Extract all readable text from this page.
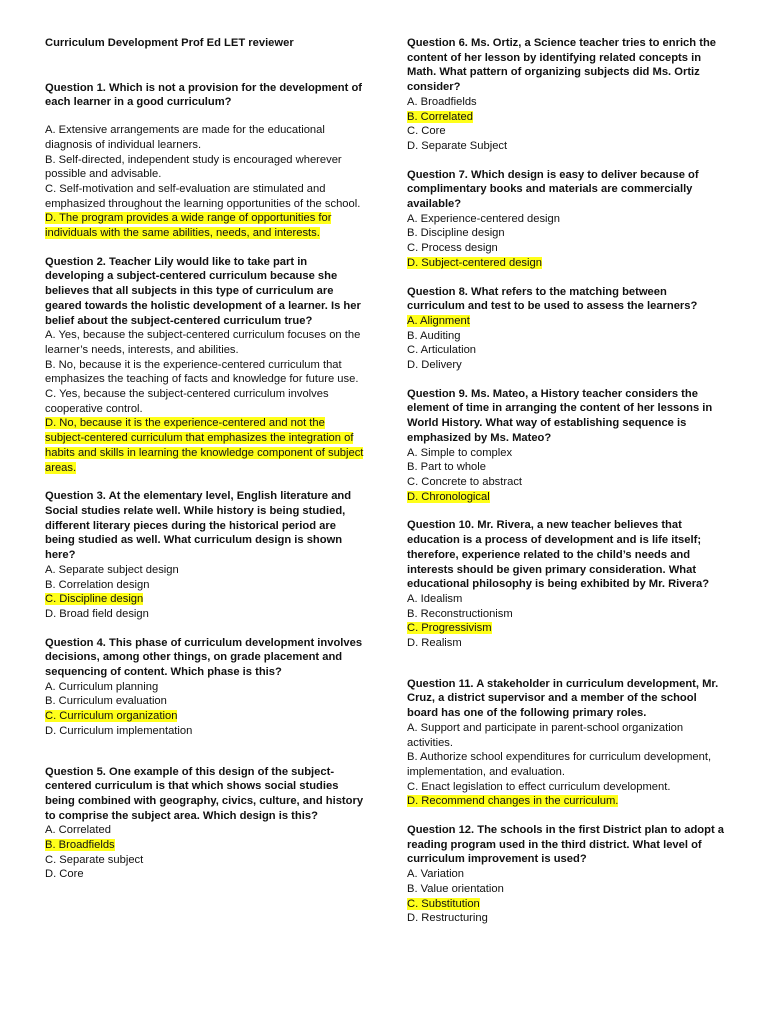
Curriculum Development Prof Ed LET reviewer

Question 1. Which is not a provision for the development of each learner in a good curriculum?

A. Extensive arrangements are made for the educational diagnosis of individual learners.
B. Self-directed, independent study is encouraged wherever possible and advisable.
C. Self-motivation and self-evaluation are stimulated and emphasized throughout the learning opportunities of the school.
D. The program provides a wide range of opportunities for individuals with the same abilities, needs, and interests.

Question 2. Teacher Lily would like to take part in developing a subject-centered curriculum because she believes that all subjects in this type of curriculum are geared towards the holistic development of a learner. Is her belief about the subject-centered curriculum true?

A. Yes, because the subject-centered curriculum focuses on the learner’s needs, interests, and abilities.
B. No, because it is the experience-centered curriculum that emphasizes the teaching of facts and knowledge for future use.
C. Yes, because the subject-centered curriculum involves cooperative control.
D. No, because it is the experience-centered and not the subject-centered curriculum that emphasizes the integration of habits and skills in learning the knowledge component of subject areas.

Question 3. At the elementary level, English literature and Social studies relate well. While history is being studied, different literary pieces during the historical period are being studied as well. What curriculum design is shown here?

A. Separate subject design
B. Correlation design
C. Discipline design
D. Broad field design

Question 4. This phase of curriculum development involves decisions, among other things, on grade placement and sequencing of content. Which phase is this?

A. Curriculum planning
B. Curriculum evaluation
C. Curriculum organization
D. Curriculum implementation

Question 5. One example of this design of the subject-centered curriculum is that which shows social studies being combined with geography, civics, culture, and history to comprise the subject area. Which design is this?

A. Correlated
B. Broadfields
C. Separate subject
D. Core

Question 6. Ms. Ortiz, a Science teacher tries to enrich the content of her lesson by identifying related concepts in Math. What pattern of organizing subjects did Ms. Ortiz consider?

A. Broadfields
B. Correlated
C. Core
D. Separate Subject

Question 7. Which design is easy to deliver because of complimentary books and materials are commercially available?

A. Experience-centered design
B. Discipline design
C. Process design
D. Subject-centered design

Question 8. What refers to the matching between curriculum and test to be used to assess the learners?

A. Alignment
B. Auditing
C. Articulation
D. Delivery

Question 9. Ms. Mateo, a History teacher considers the element of time in arranging the content of her lessons in World History. What way of establishing sequence is emphasized by Ms. Mateo?

A. Simple to complex
B. Part to whole
C. Concrete to abstract
D. Chronological

Question 10. Mr. Rivera, a new teacher believes that education is a process of development and is life itself; therefore, experience related to the child’s needs and interests should be given primary consideration. What educational philosophy is being exhibited by Mr. Rivera?

A. Idealism
B. Reconstructionism
C. Progressivism
D. Realism

Question 11. A stakeholder in curriculum development, Mr. Cruz, a district supervisor and a member of the school board has one of the following primary roles.

A. Support and participate in parent-school organization activities.
B. Authorize school expenditures for curriculum development, implementation, and evaluation.
C. Enact legislation to effect curriculum development.
D. Recommend changes in the curriculum.

Question 12. The schools in the first District plan to adopt a reading program used in the third district. What level of curriculum improvement is used?

A. Variation
B. Value orientation
C. Substitution
D. Restructuring
